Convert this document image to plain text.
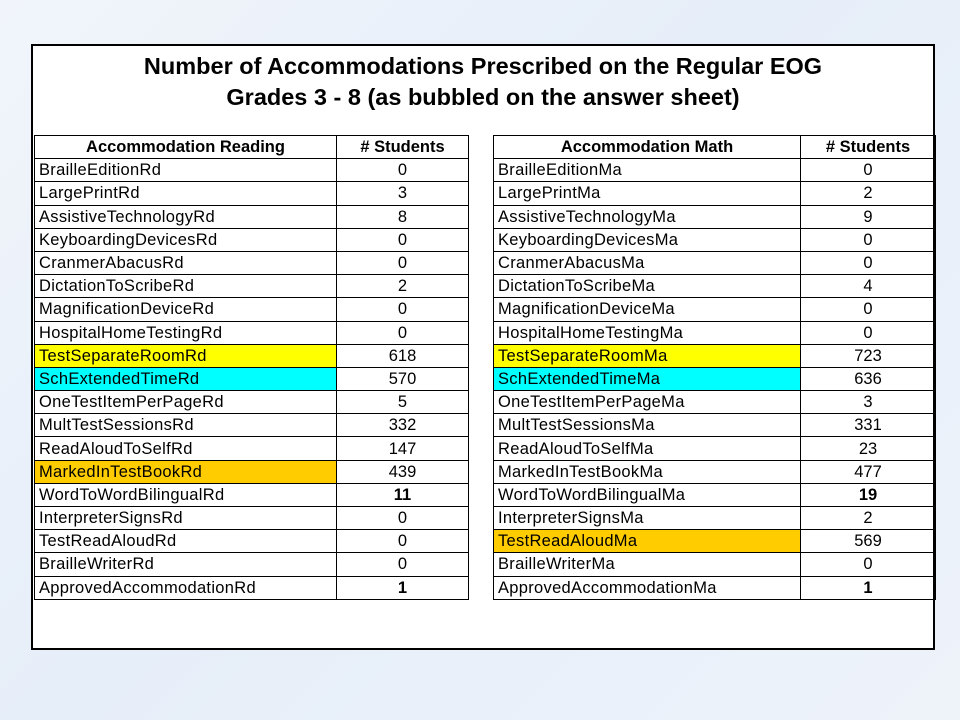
Number of Accommodations Prescribed on the Regular EOG
Grades 3 - 8 (as bubbled on the answer sheet)
Accommodation Reading	# Students
BrailleEditionRd	0
LargePrintRd	3
AssistiveTechnologyRd	8
KeyboardingDevicesRd	0
CranmerAbacusRd	0
DictationToScribeRd	2
MagnificationDeviceRd	0
HospitalHomeTestingRd	0
TestSeparateRoomRd	618
SchExtendedTimeRd	570
OneTestItemPerPageRd	5
MultTestSessionsRd	332
ReadAloudToSelfRd	147
MarkedInTestBookRd	439
WordToWordBilingualRd	11
InterpreterSignsRd	0
TestReadAloudRd	0
BrailleWriterRd	0
ApprovedAccommodationRd	1
Accommodation Math	# Students
BrailleEditionMa	0
LargePrintMa	2
AssistiveTechnologyMa	9
KeyboardingDevicesMa	0
CranmerAbacusMa	0
DictationToScribeMa	4
MagnificationDeviceMa	0
HospitalHomeTestingMa	0
TestSeparateRoomMa	723
SchExtendedTimeMa	636
OneTestItemPerPageMa	3
MultTestSessionsMa	331
ReadAloudToSelfMa	23
MarkedInTestBookMa	477
WordToWordBilingualMa	19
InterpreterSignsMa	2
TestReadAloudMa	569
BrailleWriterMa	0
ApprovedAccommodationMa	1
